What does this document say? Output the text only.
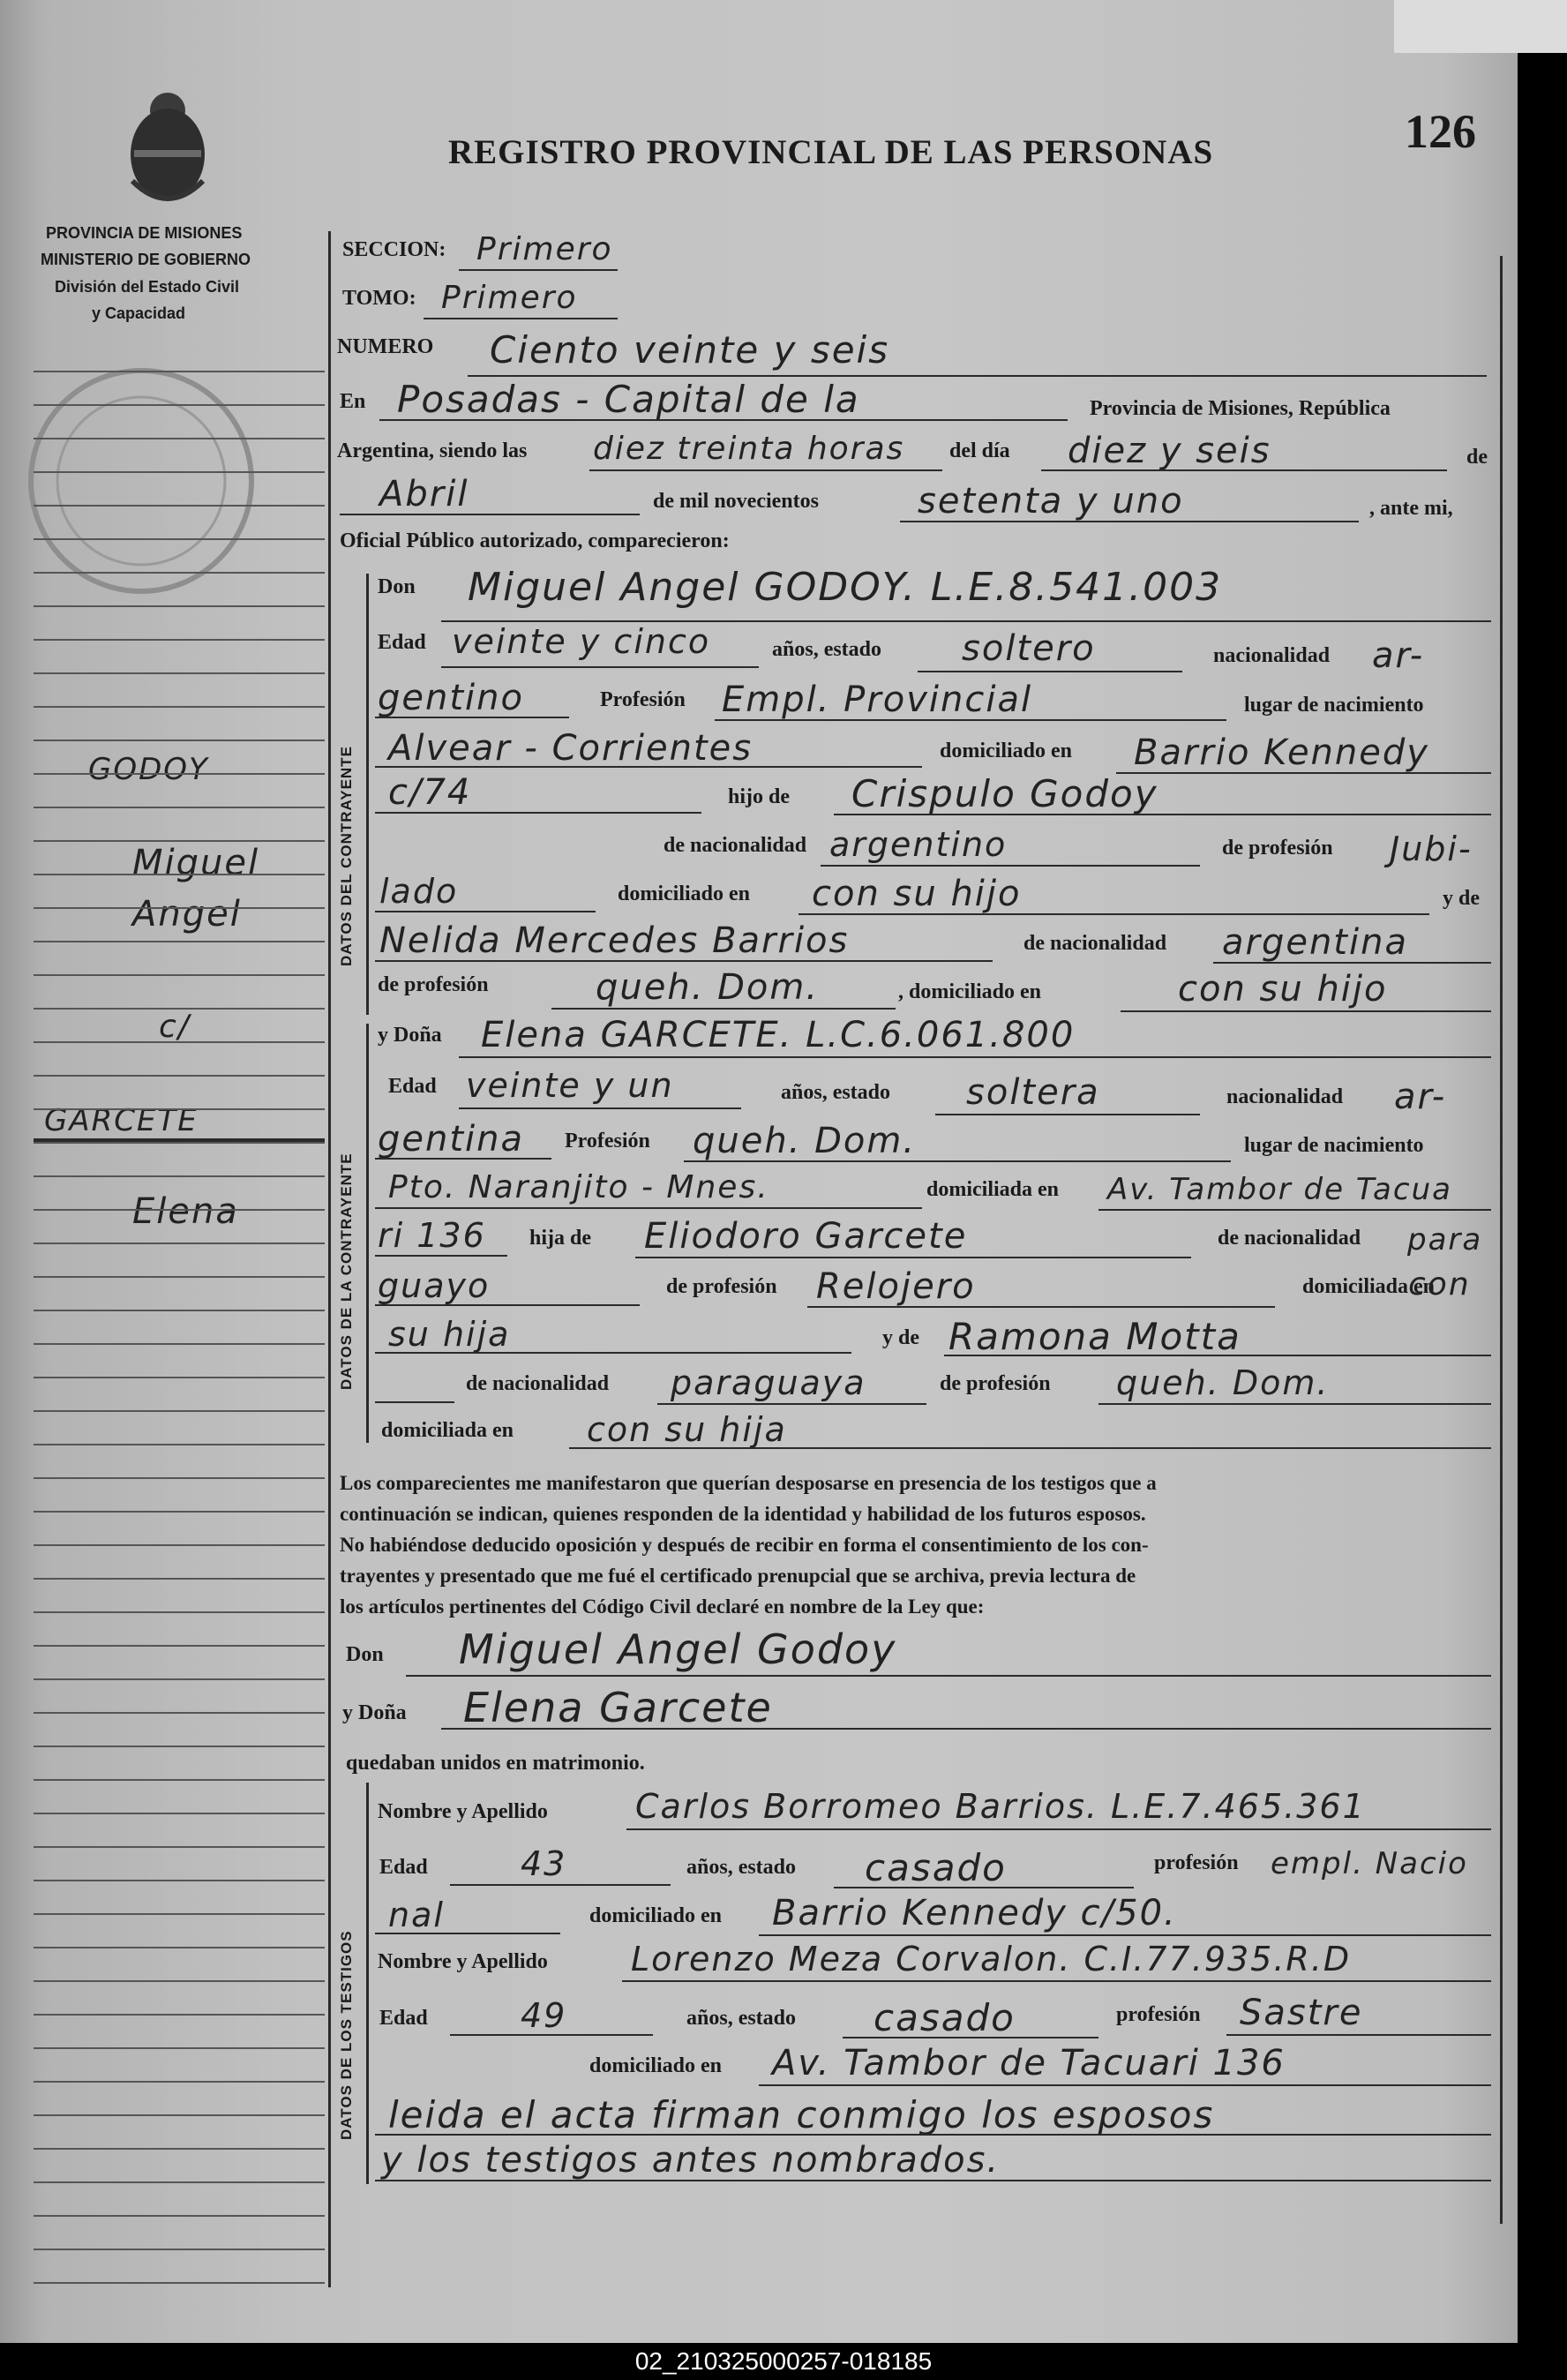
REGISTRO PROVINCIAL DE LAS PERSONAS	126
PROVINCIA DE MISIONES
MINISTERIO DE GOBIERNO
División del Estado Civil
y Capacidad
GODOY
Miguel
Angel
c/
GARCETE
Elena
SECCION: Primero
TOMO: Primero
NUMERO Ciento veinte y seis
En Posadas - Capital de la	Provincia de Misiones, República
Argentina, siendo las diez treinta horas del día diez y seis	de
Abril	de mil novecientos	setenta y uno	, ante mi,
Oficial Público autorizado, comparecieron:
DATOS DEL CONTRAYENTE
Don Miguel Angel GODOY. L.E.8.541.003
Edad veinte y cinco	años, estado soltero	nacionalidad ar-
gentino	Profesión Empl. Provincial	lugar de nacimiento
Alvear - Corrientes	domiciliado en Barrio Kennedy
c/74	hijo de Crispulo Godoy
de nacionalidad argentino	de profesión Jubi-
lado	domiciliado en con su hijo	y de
Nelida Mercedes Barrios	de nacionalidad argentina
de profesión	queh. Dom.	, domiciliado en	con su hijo
DATOS DE LA CONTRAYENTE
y Doña Elena GARCETE. L.C.6.061.800
Edad veinte y un	años, estado soltera	nacionalidad ar-
gentina Profesión queh. Dom.	lugar de nacimiento
Pto. Naranjito - Mnes.	domiciliada en Av. Tambor de Tacua
ri 136 hija de Eliodoro Garcete	de nacionalidad para
guayo	de profesión Relojero	domiciliada en
con
su hija	y de Ramona Motta
de nacionalidad paraguaya	de profesión queh. Dom.
domiciliada en con su hija
Los comparecientes me manifestaron que querían desposarse en presencia de los testigos que a
continuación se indican, quienes responden de la identidad y habilidad de los futuros esposos.
No habiéndose deducido oposición y después de recibir en forma el consentimiento de los con-
trayentes y presentado que me fué el certificado prenupcial que se archiva, previa lectura de
los artículos pertinentes del Código Civil declaré en nombre de la Ley que:
Don Miguel Angel Godoy
y Doña Elena Garcete
quedaban unidos en matrimonio.
DATOS DE LOS TESTIGOS
Nombre y Apellido	Carlos Borromeo Barrios. L.E.7.465.361
Edad	43	años, estado casado	profesión empl. Nacio
nal	domiciliado en Barrio Kennedy c/50.
Nombre y Apellido Lorenzo Meza Corvalon. C.I.77.935.R.D
Edad	49	años, estado casado	profesión Sastre
domiciliado en Av. Tambor de Tacuari 136
leida el acta firman conmigo los esposos
y los testigos antes nombrados.
02_210325000257-018185
